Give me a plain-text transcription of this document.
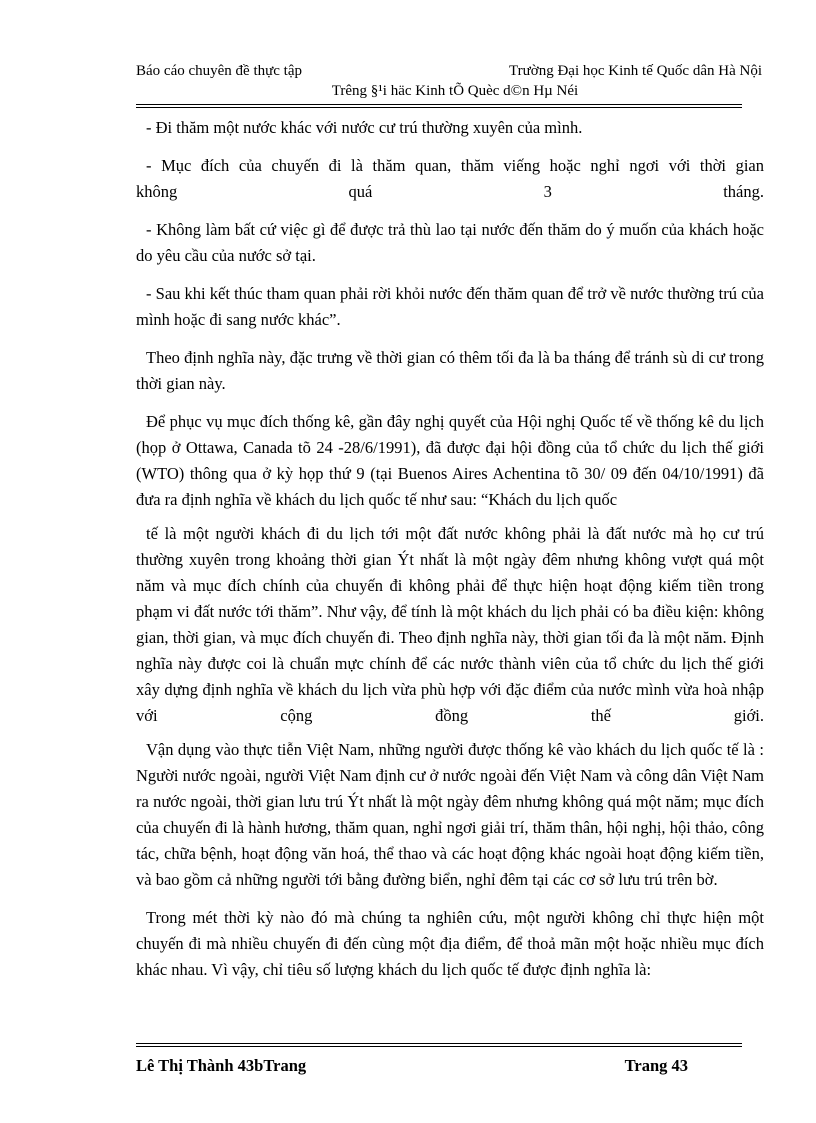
Báo cáo chuyên đề thực tập	Trường Đại học Kinh tế Quốc dân Hà Nội
Trêng §¹i häc Kinh tÕ Quèc d©n Hµ Néi

- Đi thăm một nước khác với nước cư trú thường xuyên của mình.

- Mục đích của chuyến đi là thăm quan, thăm viếng hoặc nghỉ ngơi với thời gian

không quá 3 tháng.

- Không làm bất cứ việc gì để được trả thù lao tại nước đến thăm do ý muốn của khách hoặc do yêu cầu của nước sở tại.

- Sau khi kết thúc tham quan phải rời khỏi nước đến thăm quan để trở về nước thường trú của mình hoặc đi sang nước khác”.

Theo định nghĩa này, đặc trưng về thời gian có thêm tối đa là ba tháng để tránh sù di cư trong thời gian này.

Để phục vụ mục đích thống kê, gần đây nghị quyết của Hội nghị Quốc tế về thống kê du lịch (họp ở Ottawa, Canada tõ 24 -28/6/1991), đã được đại hội đồng của tổ chức du lịch thế giới (WTO) thông qua ở kỳ họp thứ 9 (tại Buenos Aires Achentina tõ 30/ 09 đến 04/10/1991) đã đưa ra định nghĩa về khách du lịch quốc tế như sau: “Khách du lịch quốc

tế là một người khách đi du lịch tới một đất nước không phải là đất nước mà họ cư trú thường xuyên trong khoảng thời gian Ýt nhất là một ngày đêm nhưng không vượt quá một năm và mục đích chính của chuyến đi không phải để thực hiện hoạt động kiếm tiền trong phạm vi đất nước tới thăm”. Như vậy, để tính là một khách du lịch phải có ba điều kiện: không gian, thời gian, và mục đích chuyến đi. Theo định nghĩa này, thời gian tối đa là một năm. Định nghĩa này được coi là chuẩn mực chính để các nước thành viên của tổ chức du lịch thế giới xây dựng định nghĩa về khách du lịch vừa phù hợp với đặc điểm của nước mình vừa hoà nhập với cộng đồng thế giới.

Vận dụng vào thực tiễn Việt Nam, những người được thống kê vào khách du lịch quốc tế là : Người nước ngoài, người Việt Nam định cư ở nước ngoài đến Việt Nam và công dân Việt Nam ra nước ngoài, thời gian lưu trú Ýt nhất là một ngày đêm nhưng không quá một năm; mục đích của chuyến đi là hành hương, thăm quan, nghỉ ngơi giải trí, thăm thân, hội nghị, hội thảo, công tác, chữa bệnh, hoạt động văn hoá, thể thao và các hoạt động khác ngoài hoạt động kiếm tiền, và bao gồm cả những người tới bằng đường biển, nghỉ đêm tại các cơ sở lưu trú trên bờ.

Trong mét thời kỳ nào đó mà chúng ta nghiên cứu, một người không chỉ thực hiện một chuyến đi mà nhiều chuyến đi đến cùng một địa điểm, để thoả mãn một hoặc nhiều mục đích khác nhau. Vì vậy, chỉ tiêu số lượng khách du lịch quốc tế được định nghĩa là:

Lê Thị Thành 43bTrang	Trang 43
